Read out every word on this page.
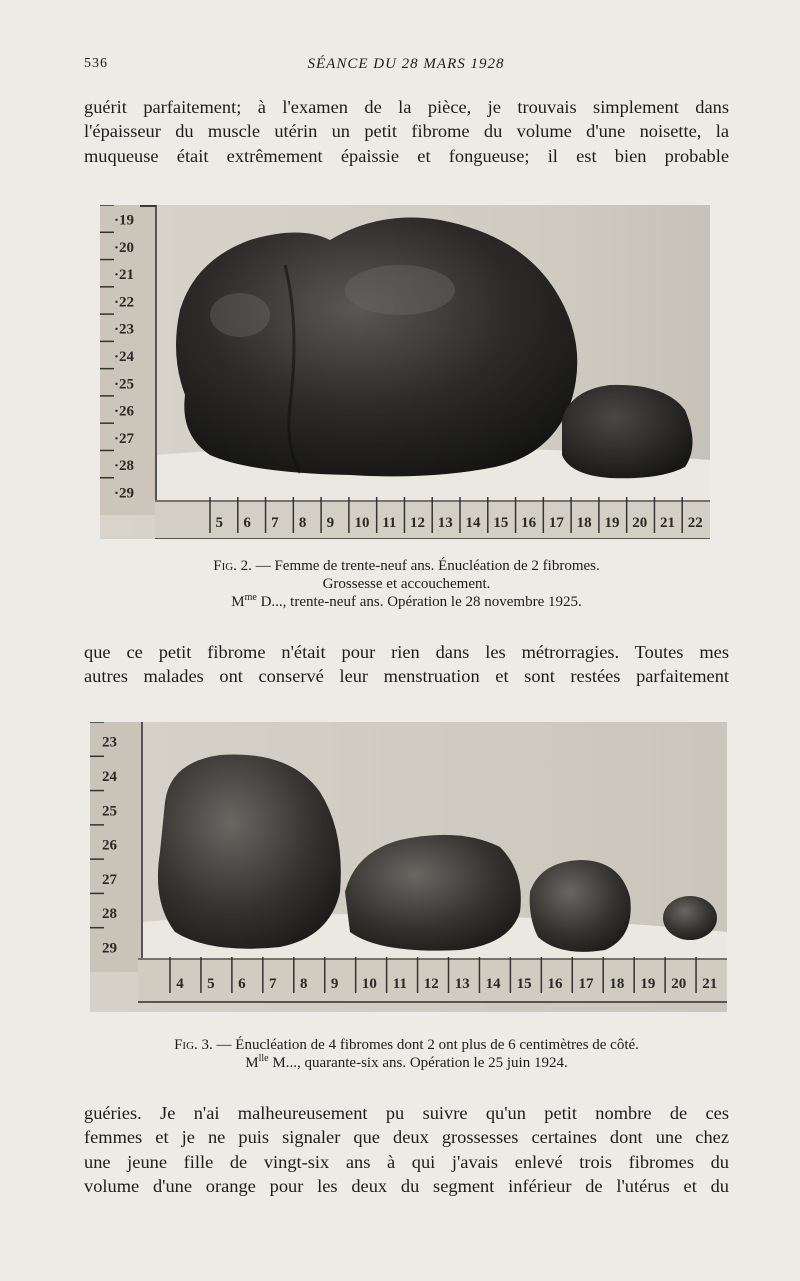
536	SÉANCE DU 28 MARS 1928
guérit parfaitement; à l'examen de la pièce, je trouvais simplement dans
l'épaisseur du muscle utérin un petit fibrome du volume d'une noisette, la
muqueuse était extrêmement épaissie et fongueuse; il est bien probable
5 6 7 8 9 10 11 12 13 14 15 16 17 18 19 20 21 22
·19
·20
·21
·22
·23
·24
·25
·26
·27
·28
·29
Fig. 2. — Femme de trente-neuf ans. Énucléation de 2 fibromes.
Grossesse et accouchement.
$M^{me}$ D..., trente-neuf ans. Opération le 28 novembre 1925.
que ce petit fibrome n'était pour rien dans les métrorragies. Toutes mes
autres malades ont conservé leur menstruation et sont restées parfaitement
4 5 6 7 8 9 10 11 12 13 14 15 16 17 18 19 20 21
23
24
25
26
27
28
29
Fig. 3. — Énucléation de 4 fibromes dont 2 ont plus de 6 centimètres de côté.
$M^{lle}$ M..., quarante-six ans. Opération le 25 juin 1924.
guéries. Je n'ai malheureusement pu suivre qu'un petit nombre de ces
femmes et je ne puis signaler que deux grossesses certaines dont une chez
une jeune fille de vingt-six ans à qui j'avais enlevé trois fibromes du
volume d'une orange pour les deux du segment inférieur de l'utérus et du
